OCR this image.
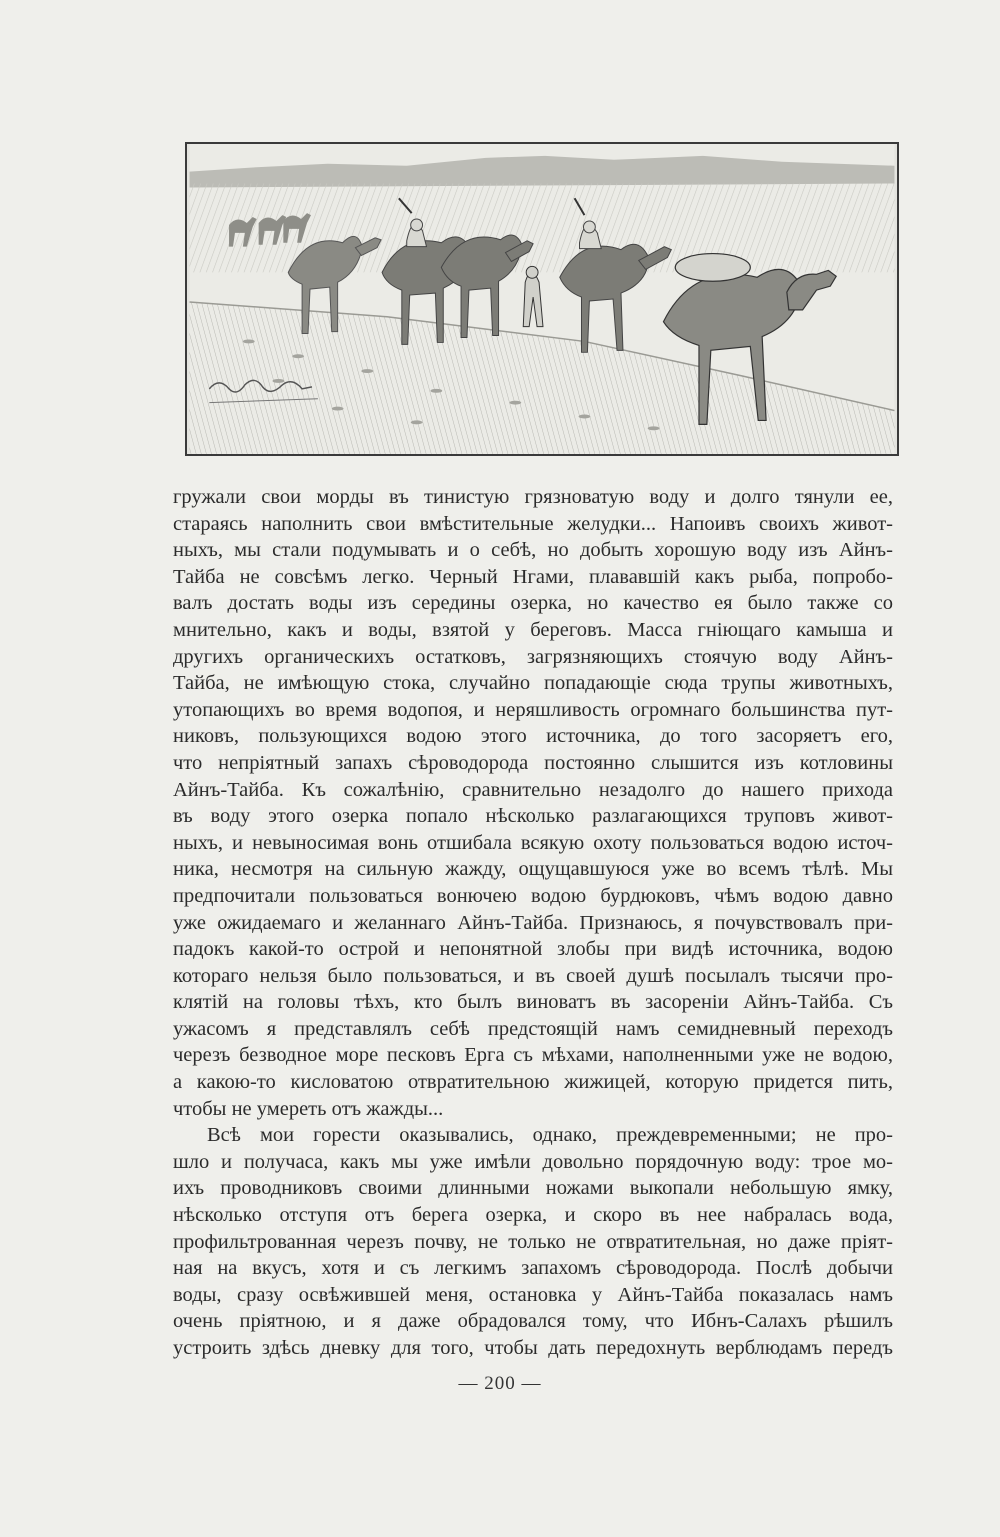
гружали свои морды въ тинистую грязноватую воду и долго тянули ее,
стараясь наполнить свои вмѣстительные желудки... Напоивъ своихъ живот-
ныхъ, мы стали подумывать и о себѣ, но добыть хорошую воду изъ Айнъ-
Тайба не совсѣмъ легко. Черный Нгами, плававшій какъ рыба, попробо-
валъ достать воды изъ середины озерка, но качество ея было также со
мнительно, какъ и воды, взятой у береговъ. Масса гніющаго камыша и
другихъ органическихъ остатковъ, загрязняющихъ стоячую воду Айнъ-
Тайба, не имѣющую стока, случайно попадающіе сюда трупы животныхъ,
утопающихъ во время водопоя, и неряшливость огромнаго большинства пут-
никовъ, пользующихся водою этого источника, до того засоряетъ его,
что непріятный запахъ сѣроводорода постоянно слышится изъ котловины
Айнъ-Тайба. Къ сожалѣнію, сравнительно незадолго до нашего прихода
въ воду этого озерка попало нѣсколько разлагающихся труповъ живот-
ныхъ, и невыносимая вонь отшибала всякую охоту пользоваться водою источ-
ника, несмотря на сильную жажду, ощущавшуюся уже во всемъ тѣлѣ. Мы
предпочитали пользоваться вонючею водою бурдюковъ, чѣмъ водою давно
уже ожидаемаго и желаннаго Айнъ-Тайба. Признаюсь, я почувствовалъ при-
падокъ какой-то острой и непонятной злобы при видѣ источника, водою
котораго нельзя было пользоваться, и въ своей душѣ посылалъ тысячи про-
клятій на головы тѣхъ, кто былъ виноватъ въ засореніи Айнъ-Тайба. Съ
ужасомъ я представлялъ себѣ предстоящій намъ семидневный переходъ
черезъ безводное море песковъ Ерга съ мѣхами, наполненными уже не водою,
а какою-то кисловатою отвратительною жижицей, которую придется пить,
чтобы не умереть отъ жажды...
Всѣ мои горести оказывались, однако, преждевременными; не про-
шло и получаса, какъ мы уже имѣли довольно порядочную воду: трое мо-
ихъ проводниковъ своими длинными ножами выкопали небольшую ямку,
нѣсколько отступя отъ берега озерка, и скоро въ нее набралась вода,
профильтрованная черезъ почву, не только не отвратительная, но даже пріят-
ная на вкусъ, хотя и съ легкимъ запахомъ сѣроводорода. Послѣ добычи
воды, сразу освѣжившей меня, остановка у Айнъ-Тайба показалась намъ
очень пріятною, и я даже обрадовался тому, что Ибнъ-Салахъ рѣшилъ
устроить здѣсь дневку для того, чтобы дать передохнуть верблюдамъ передъ
— 200 —
